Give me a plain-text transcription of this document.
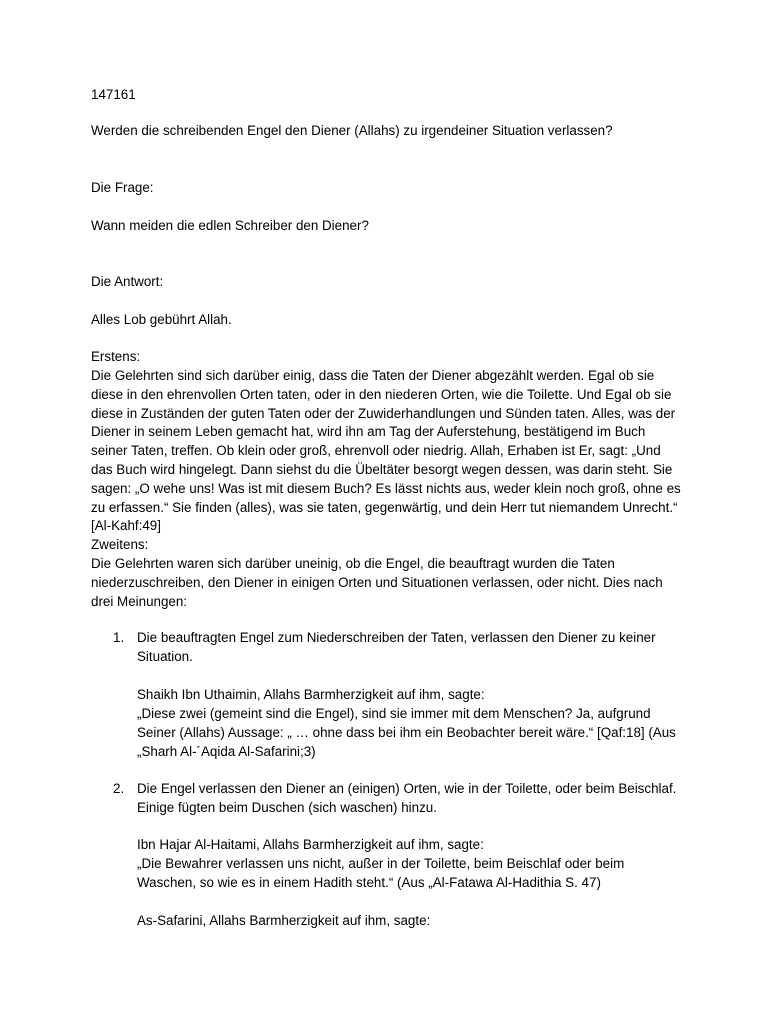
147161

Werden die schreibenden Engel den Diener (Allahs) zu irgendeiner Situation verlassen?

Die Frage:

Wann meiden die edlen Schreiber den Diener?

Die Antwort:

Alles Lob gebührt Allah.

Erstens:

Die Gelehrten sind sich darüber einig, dass die Taten der Diener abgezählt werden. Egal ob sie diese in den ehrenvollen Orten taten, oder in den niederen Orten, wie die Toilette. Und Egal ob sie diese in Zuständen der guten Taten oder der Zuwiderhandlungen und Sünden taten. Alles, was der Diener in seinem Leben gemacht hat, wird ihn am Tag der Auferstehung, bestätigend im Buch seiner Taten, treffen. Ob klein oder groß, ehrenvoll oder niedrig. Allah, Erhaben ist Er, sagt: „Und das Buch wird hingelegt. Dann siehst du die Übeltäter besorgt wegen dessen, was darin steht. Sie sagen: „O wehe uns! Was ist mit diesem Buch? Es lässt nichts aus, weder klein noch groß, ohne es zu erfassen.“ Sie finden (alles), was sie taten, gegenwärtig, und dein Herr tut niemandem Unrecht.“ [Al-Kahf:49]

Zweitens:

Die Gelehrten waren sich darüber uneinig, ob die Engel, die beauftragt wurden die Taten niederzuschreiben, den Diener in einigen Orten und Situationen verlassen, oder nicht. Dies nach drei Meinungen:

1. Die beauftragten Engel zum Niederschreiben der Taten, verlassen den Diener zu keiner Situation.

Shaikh Ibn Uthaimin, Allahs Barmherzigkeit auf ihm, sagte:

„Diese zwei (gemeint sind die Engel), sind sie immer mit dem Menschen? Ja, aufgrund Seiner (Allahs) Aussage: „ … ohne dass bei ihm ein Beobachter bereit wäre.“ [Qaf:18] (Aus „Sharh Al-´Aqida Al-Safarini;3)

2. Die Engel verlassen den Diener an (einigen) Orten, wie in der Toilette, oder beim Beischlaf. Einige fügten beim Duschen (sich waschen) hinzu.

Ibn Hajar Al-Haitami, Allahs Barmherzigkeit auf ihm, sagte:

„Die Bewahrer verlassen uns nicht, außer in der Toilette, beim Beischlaf oder beim Waschen, so wie es in einem Hadith steht.“ (Aus „Al-Fatawa Al-Hadithia S. 47)

As-Safarini, Allahs Barmherzigkeit auf ihm, sagte:
